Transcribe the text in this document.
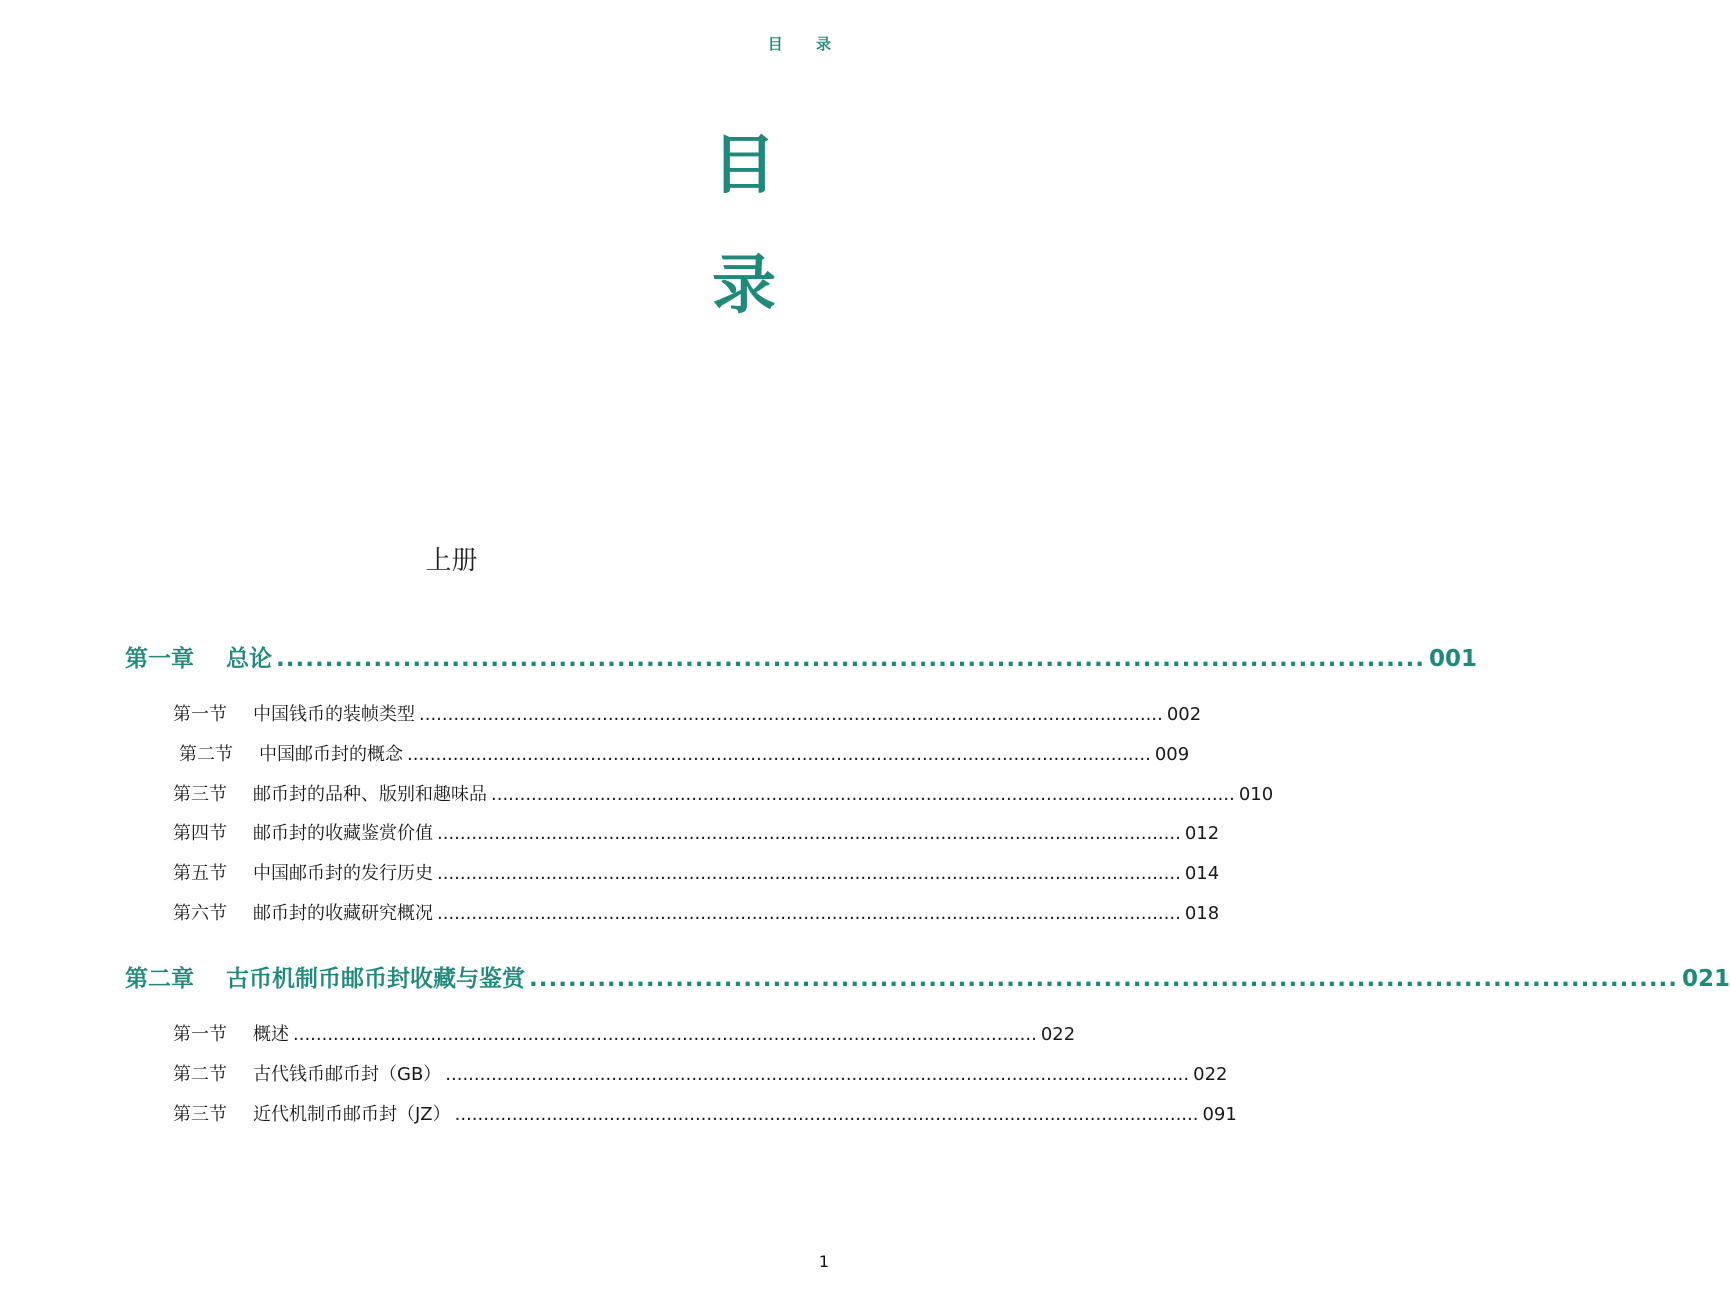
目 录
目
录
上册
第一章 总论 ...................................................................................................................... 001
第一节 中国钱币的装帧类型 .................................................................................................................................. 002
第二节 中国邮币封的概念 .................................................................................................................................. 009
第三节 邮币封的品种、版别和趣味品 .................................................................................................................................. 010
第四节 邮币封的收藏鉴赏价值 .................................................................................................................................. 012
第五节 中国邮币封的发行历史 .................................................................................................................................. 014
第六节 邮币封的收藏研究概况 .................................................................................................................................. 018
第二章 古币机制币邮币封收藏与鉴赏 ...................................................................................................................... 021
第一节 概述 .................................................................................................................................. 022
第二节 古代钱币邮币封（GB） .................................................................................................................................. 022
第三节 近代机制币邮币封（JZ） .................................................................................................................................. 091
1
